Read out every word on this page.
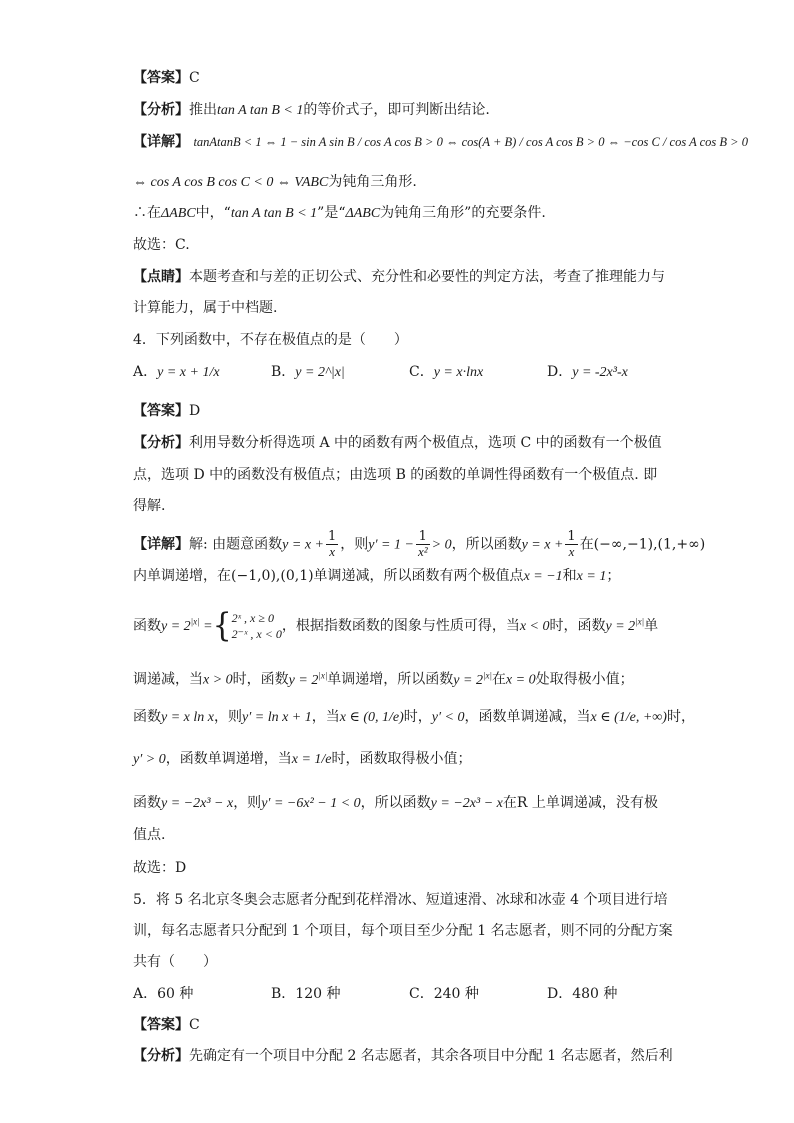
【答案】C
【分析】推出tan A tan B < 1的等价式子，即可判断出结论.
【详解】 tanAtanB < 1 ⇔ 1 − sin A sin B / cos A cos B > 0 ⇔ cos(A + B) / cos A cos B > 0 ⇔ −cos C / cos A cos B > 0
⇔ cos A cos B cos C < 0 ⇔ VABC为钝角三角形.
∴在ΔABC中，“tan A tan B < 1”是“ΔABC为钝角三角形”的充要条件.
故选：C.
【点睛】本题考查和与差的正切公式、充分性和必要性的判定方法，考查了推理能力与
计算能力，属于中档题.
4．下列函数中，不存在极值点的是（　　）
A．y = x + 1/x	B．y = 2^|x|	C．y = x·lnx	D．y = -2x³-x
【答案】D
【分析】利用导数分析得选项 A 中的函数有两个极值点，选项 C 中的函数有一个极值
点，选项 D 中的函数没有极值点；由选项 B 的函数的单调性得函数有一个极值点. 即
得解.
【详解】解: 由题意函数$y = x + \frac{1}{x}$ ，则$y' = 1 - \frac{1}{\text{x²}} > 0$，所以函数$y = x + \frac{1}{x}$ 在(−∞,−1),(1,+∞)
内单调递增，在(−1,0),(0,1)单调递减，所以函数有两个极值点x = −1和x = 1；
函数$y = 2^{|x|}$ ={ 2ˣ , x ≥ 0
2⁻ˣ , x < 0 ，根据指数函数的图象与性质可得，当x < 0时，函数$y = 2^{|x|}$单
调递减，当x > 0时，函数$y = 2^{|x|}$单调递增，所以函数$y = 2^{|x|}$在x = 0处取得极小值；
函数y = x ln x，则y′ = ln x + 1，当x ∈ (0, 1/e)时，y′ < 0，函数单调递减，当x ∈ (1/e, +∞)时，
y′ > 0，函数单调递增，当x = 1/e时，函数取得极小值；
函数y = −2x³ − x，则y′ = −6x² − 1 < 0，所以函数y = −2x³ − x在R 上单调递减，没有极
值点.
故选：D
5．将 5 名北京冬奥会志愿者分配到花样滑冰、短道速滑、冰球和冰壶 4 个项目进行培
训，每名志愿者只分配到 1 个项目，每个项目至少分配 1 名志愿者，则不同的分配方案
共有（　　）
A．60 种	B．120 种	C．240 种	D．480 种
【答案】C
【分析】先确定有一个项目中分配 2 名志愿者，其余各项目中分配 1 名志愿者，然后利
